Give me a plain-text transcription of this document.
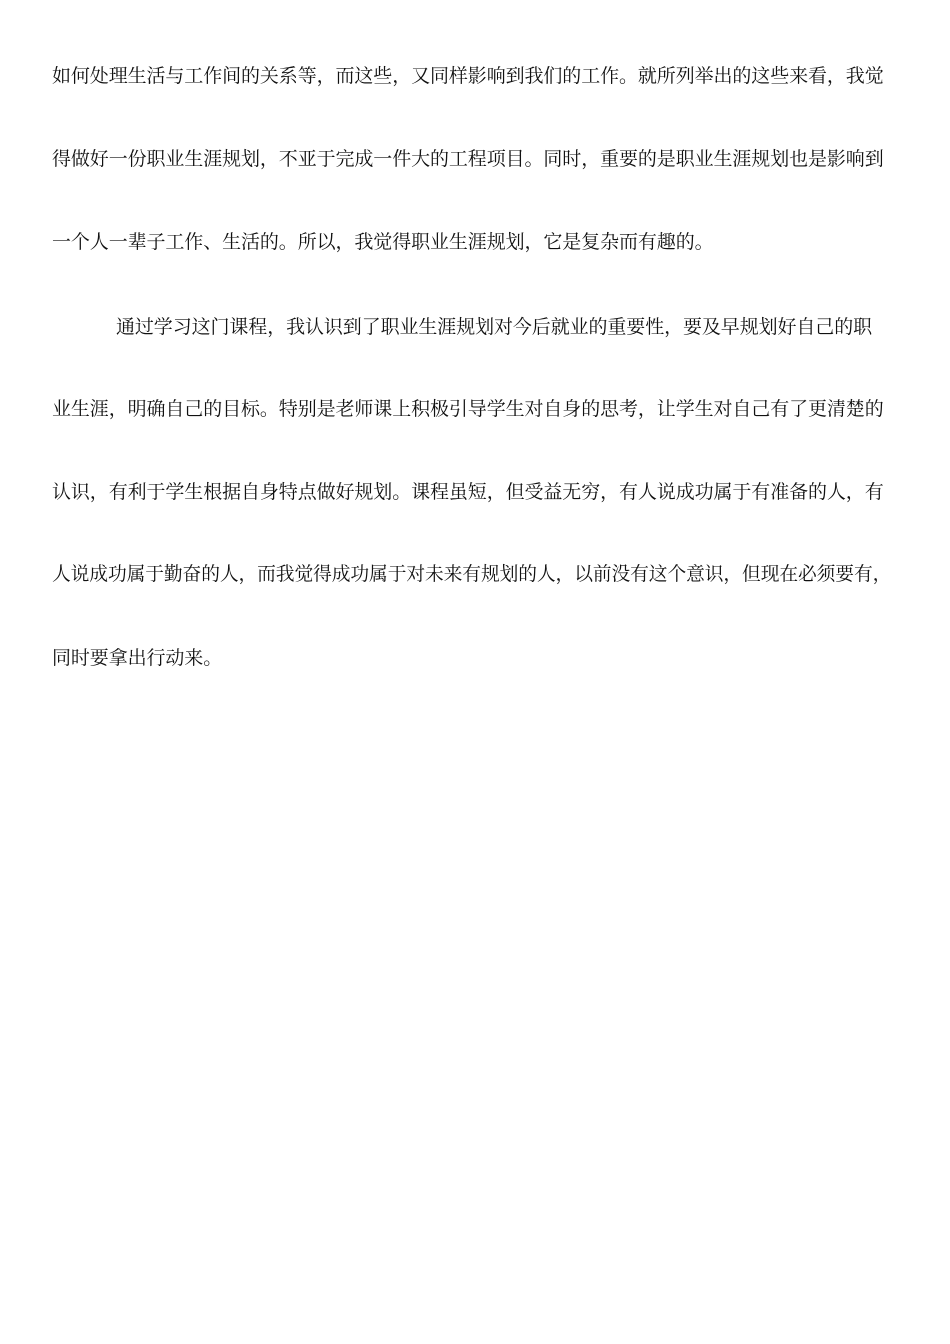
如何处理生活与工作间的关系等，而这些，又同样影响到我们的工作。就所列举出的这些来看，我觉

得做好一份职业生涯规划，不亚于完成一件大的工程项目。同时，重要的是职业生涯规划也是影响到

一个人一辈子工作、生活的。所以，我觉得职业生涯规划，它是复杂而有趣的。

通过学习这门课程，我认识到了职业生涯规划对今后就业的重要性，要及早规划好自己的职

业生涯，明确自己的目标。特别是老师课上积极引导学生对自身的思考，让学生对自己有了更清楚的

认识，有利于学生根据自身特点做好规划。课程虽短，但受益无穷，有人说成功属于有准备的人，有

人说成功属于勤奋的人，而我觉得成功属于对未来有规划的人，以前没有这个意识，但现在必须要有，

同时要拿出行动来。
